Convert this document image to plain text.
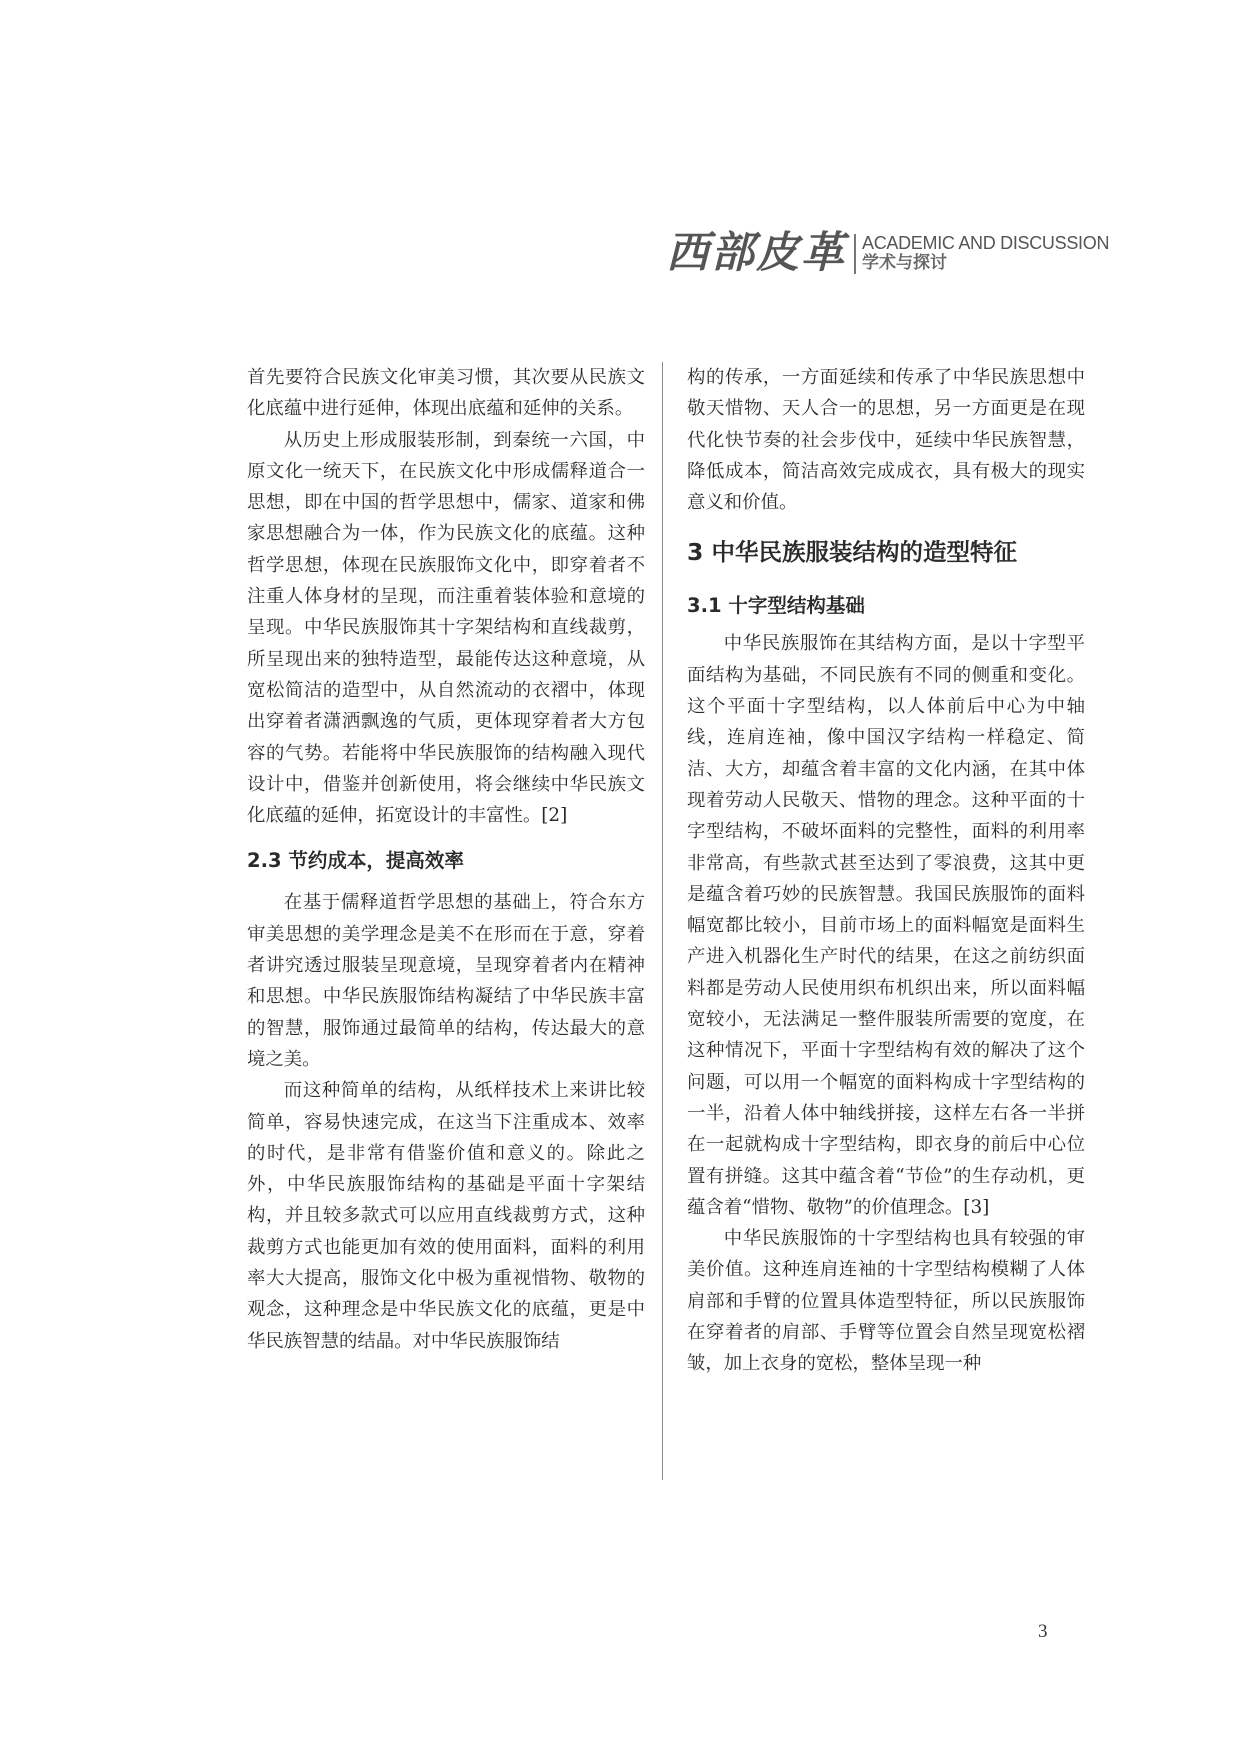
西部皮革 ACADEMIC AND DISCUSSION
学术与探讨

首先要符合民族文化审美习惯，其次要从民族文化底蕴中进行延伸，体现出底蕴和延伸的关系。

从历史上形成服装形制，到秦统一六国，中原文化一统天下，在民族文化中形成儒释道合一思想，即在中国的哲学思想中，儒家、道家和佛家思想融合为一体，作为民族文化的底蕴。这种哲学思想，体现在民族服饰文化中，即穿着者不注重人体身材的呈现，而注重着装体验和意境的呈现。中华民族服饰其十字架结构和直线裁剪，所呈现出来的独特造型，最能传达这种意境，从宽松简洁的造型中，从自然流动的衣褶中，体现出穿着者潇洒飘逸的气质，更体现穿着者大方包容的气势。若能将中华民族服饰的结构融入现代设计中，借鉴并创新使用，将会继续中华民族文化底蕴的延伸，拓宽设计的丰富性。[2]

2.3 节约成本，提高效率

在基于儒释道哲学思想的基础上，符合东方审美思想的美学理念是美不在形而在于意，穿着者讲究透过服装呈现意境，呈现穿着者内在精神和思想。中华民族服饰结构凝结了中华民族丰富的智慧，服饰通过最简单的结构，传达最大的意境之美。

而这种简单的结构，从纸样技术上来讲比较简单，容易快速完成，在这当下注重成本、效率的时代，是非常有借鉴价值和意义的。除此之外，中华民族服饰结构的基础是平面十字架结构，并且较多款式可以应用直线裁剪方式，这种裁剪方式也能更加有效的使用面料，面料的利用率大大提高，服饰文化中极为重视惜物、敬物的观念，这种理念是中华民族文化的底蕴，更是中华民族智慧的结晶。对中华民族服饰结

构的传承，一方面延续和传承了中华民族思想中敬天惜物、天人合一的思想，另一方面更是在现代化快节奏的社会步伐中，延续中华民族智慧，降低成本，简洁高效完成成衣，具有极大的现实意义和价值。

3 中华民族服装结构的造型特征
3.1 十字型结构基础

中华民族服饰在其结构方面，是以十字型平面结构为基础，不同民族有不同的侧重和变化。这个平面十字型结构，以人体前后中心为中轴线，连肩连袖，像中国汉字结构一样稳定、简洁、大方，却蕴含着丰富的文化内涵，在其中体现着劳动人民敬天、惜物的理念。这种平面的十字型结构，不破坏面料的完整性，面料的利用率非常高，有些款式甚至达到了零浪费，这其中更是蕴含着巧妙的民族智慧。我国民族服饰的面料幅宽都比较小，目前市场上的面料幅宽是面料生产进入机器化生产时代的结果，在这之前纺织面料都是劳动人民使用织布机织出来，所以面料幅宽较小，无法满足一整件服装所需要的宽度，在这种情况下，平面十字型结构有效的解决了这个问题，可以用一个幅宽的面料构成十字型结构的一半，沿着人体中轴线拼接，这样左右各一半拼在一起就构成十字型结构，即衣身的前后中心位置有拼缝。这其中蕴含着“节俭”的生存动机，更蕴含着“惜物、敬物”的价值理念。[3]

中华民族服饰的十字型结构也具有较强的审美价值。这种连肩连袖的十字型结构模糊了人体肩部和手臂的位置具体造型特征，所以民族服饰在穿着者的肩部、手臂等位置会自然呈现宽松褶皱，加上衣身的宽松，整体呈现一种

3
